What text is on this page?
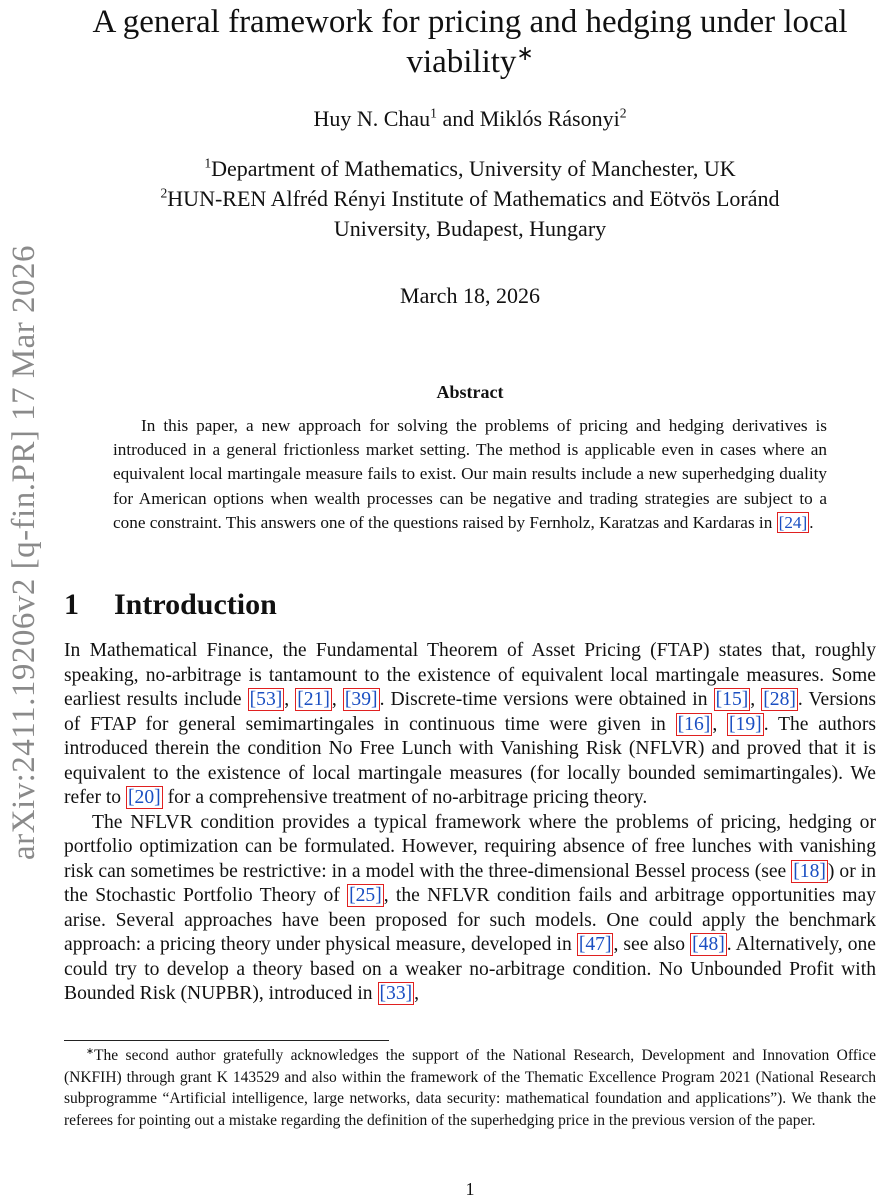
arXiv:2411.19206v2 [q-fin.PR] 17 Mar 2026
A general framework for pricing and hedging under local
viability∗
Huy N. Chau$^1$ and Miklós Rásonyi$^2$
$^1$Department of Mathematics, University of Manchester, UK
$^2$HUN-REN Alfréd Rényi Institute of Mathematics and Eötvös Loránd
University, Budapest, Hungary
March 18, 2026
Abstract
In this paper, a new approach for solving the problems of pricing and hedging derivatives is introduced in a general frictionless market setting. The method is applicable even in cases where an equivalent local martingale measure fails to exist. Our main results include a new superhedging duality for American options when wealth processes can be negative and trading strategies are subject to a cone constraint. This answers one of the questions raised by Fernholz, Karatzas and Kardaras in [24] .
1 Introduction

In Mathematical Finance, the Fundamental Theorem of Asset Pricing (FTAP) states that, roughly speaking, no-arbitrage is tantamount to the existence of equivalent local martingale measures. Some earliest results include [53] , [21] , [39] . Discrete-time versions were obtained in [15] , [28] . Versions of FTAP for general semimartingales in continuous time were given in [16] , [19] . The authors introduced therein the condition No Free Lunch with Vanishing Risk (NFLVR) and proved that it is equivalent to the existence of local martingale measures (for locally bounded semimartingales). We refer to [20] for a comprehensive treatment of no-arbitrage pricing theory.

The NFLVR condition provides a typical framework where the problems of pricing, hedging or portfolio optimization can be formulated. However, requiring absence of free lunches with vanishing risk can sometimes be restrictive: in a model with the three-dimensional Bessel process (see [18] ) or in the Stochastic Portfolio Theory of [25] , the NFLVR condition fails and arbitrage opportunities may arise. Several approaches have been proposed for such models. One could apply the benchmark approach: a pricing theory under physical measure, developed in [47] , see also [48] . Alternatively, one could try to develop a theory based on a weaker no-arbitrage condition. No Unbounded Profit with Bounded Risk (NUPBR), introduced in [33] ,

∗The second author gratefully acknowledges the support of the National Research, Development and Innovation Office (NKFIH) through grant K 143529 and also within the framework of the Thematic Excellence Program 2021 (National Research subprogramme “Artificial intelligence, large networks, data security: mathematical foundation and applications”). We thank the referees for pointing out a mistake regarding the definition of the superhedging price in the previous version of the paper.
1
